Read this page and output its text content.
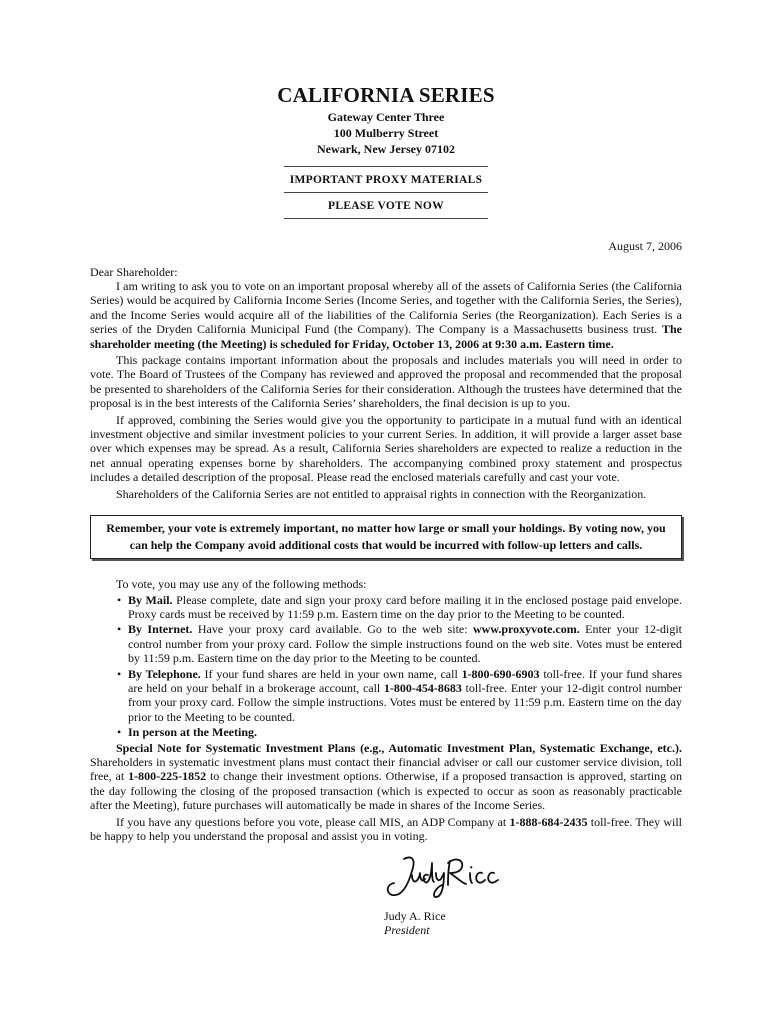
CALIFORNIA SERIES
Gateway Center Three
100 Mulberry Street
Newark, New Jersey 07102
IMPORTANT PROXY MATERIALS
PLEASE VOTE NOW
August 7, 2006
Dear Shareholder:

I am writing to ask you to vote on an important proposal whereby all of the assets of California Series (the California Series) would be acquired by California Income Series (Income Series, and together with the California Series, the Series), and the Income Series would acquire all of the liabilities of the California Series (the Reorganization). Each Series is a series of the Dryden California Municipal Fund (the Company). The Company is a Massachusetts business trust. The shareholder meeting (the Meeting) is scheduled for Friday, October 13, 2006 at 9:30 a.m. Eastern time.

This package contains important information about the proposals and includes materials you will need in order to vote. The Board of Trustees of the Company has reviewed and approved the proposal and recommended that the proposal be presented to shareholders of the California Series for their consideration. Although the trustees have determined that the proposal is in the best interests of the California Series’ shareholders, the final decision is up to you.

If approved, combining the Series would give you the opportunity to participate in a mutual fund with an identical investment objective and similar investment policies to your current Series. In addition, it will provide a larger asset base over which expenses may be spread. As a result, California Series shareholders are expected to realize a reduction in the net annual operating expenses borne by shareholders. The accompanying combined proxy statement and prospectus includes a detailed description of the proposal. Please read the enclosed materials carefully and cast your vote.

Shareholders of the California Series are not entitled to appraisal rights in connection with the Reorganization.

Remember, your vote is extremely important, no matter how large or small your holdings. By voting now, you can help the Company avoid additional costs that would be incurred with follow-up letters and calls.
To vote, you may use any of the following methods:
• By Mail. Please complete, date and sign your proxy card before mailing it in the enclosed postage paid envelope. Proxy cards must be received by 11:59 p.m. Eastern time on the day prior to the Meeting to be counted.
• By Internet. Have your proxy card available. Go to the web site: www.proxyvote.com. Enter your 12-digit control number from your proxy card. Follow the simple instructions found on the web site. Votes must be entered by 11:59 p.m. Eastern time on the day prior to the Meeting to be counted.
• By Telephone. If your fund shares are held in your own name, call 1-800-690-6903 toll-free. If your fund shares are held on your behalf in a brokerage account, call 1-800-454-8683 toll-free. Enter your 12-digit control number from your proxy card. Follow the simple instructions. Votes must be entered by 11:59 p.m. Eastern time on the day prior to the Meeting to be counted.
• In person at the Meeting.

Special Note for Systematic Investment Plans (e.g., Automatic Investment Plan, Systematic Exchange, etc.). Shareholders in systematic investment plans must contact their financial adviser or call our customer service division, toll free, at 1-800-225-1852 to change their investment options. Otherwise, if a proposed transaction is approved, starting on the day following the closing of the proposed transaction (which is expected to occur as soon as reasonably practicable after the Meeting), future purchases will automatically be made in shares of the Income Series.

If you have any questions before you vote, please call MIS, an ADP Company at 1-888-684-2435 toll-free. They will be happy to help you understand the proposal and assist you in voting.

Judy A. Rice
President
